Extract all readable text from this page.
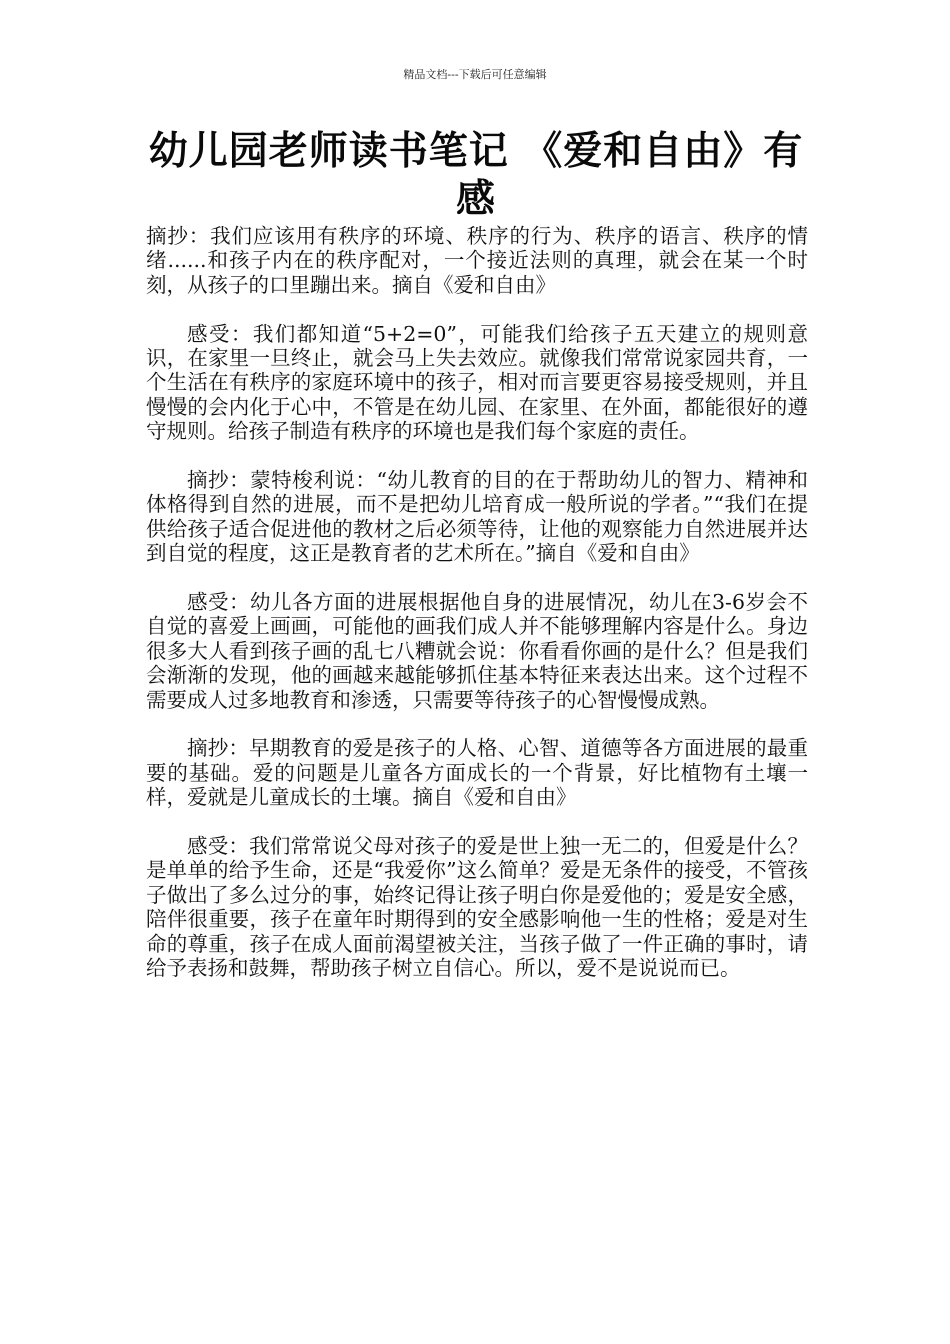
精品文档---下载后可任意编辑
幼儿园老师读书笔记 《爱和自由》有感

摘抄：我们应该用有秩序的环境、秩序的行为、秩序的语言、秩序的情绪......和孩子内在的秩序配对，一个接近法则的真理，就会在某一个时刻，从孩子的口里蹦出来。摘自《爱和自由》

感受：我们都知道“5+2=0”，可能我们给孩子五天建立的规则意识，在家里一旦终止，就会马上失去效应。就像我们常常说家园共育，一个生活在有秩序的家庭环境中的孩子，相对而言要更容易接受规则，并且慢慢的会内化于心中，不管是在幼儿园、在家里、在外面，都能很好的遵守规则。给孩子制造有秩序的环境也是我们每个家庭的责任。

摘抄：蒙特梭利说：“幼儿教育的目的在于帮助幼儿的智力、精神和体格得到自然的进展，而不是把幼儿培育成一般所说的学者。”“我们在提供给孩子适合促进他的教材之后必须等待，让他的观察能力自然进展并达到自觉的程度，这正是教育者的艺术所在。”摘自《爱和自由》

感受：幼儿各方面的进展根据他自身的进展情况，幼儿在3-6岁会不自觉的喜爱上画画，可能他的画我们成人并不能够理解内容是什么。身边很多大人看到孩子画的乱七八糟就会说：你看看你画的是什么？但是我们会渐渐的发现，他的画越来越能够抓住基本特征来表达出来。这个过程不需要成人过多地教育和渗透，只需要等待孩子的心智慢慢成熟。

摘抄：早期教育的爱是孩子的人格、心智、道德等各方面进展的最重要的基础。爱的问题是儿童各方面成长的一个背景，好比植物有土壤一样，爱就是儿童成长的土壤。摘自《爱和自由》

感受：我们常常说父母对孩子的爱是世上独一无二的，但爱是什么？是单单的给予生命，还是“我爱你”这么简单？爱是无条件的接受，不管孩子做出了多么过分的事，始终记得让孩子明白你是爱他的；爱是安全感，陪伴很重要，孩子在童年时期得到的安全感影响他一生的性格；爱是对生命的尊重，孩子在成人面前渴望被关注，当孩子做了一件正确的事时，请给予表扬和鼓舞，帮助孩子树立自信心。所以，爱不是说说而已。
